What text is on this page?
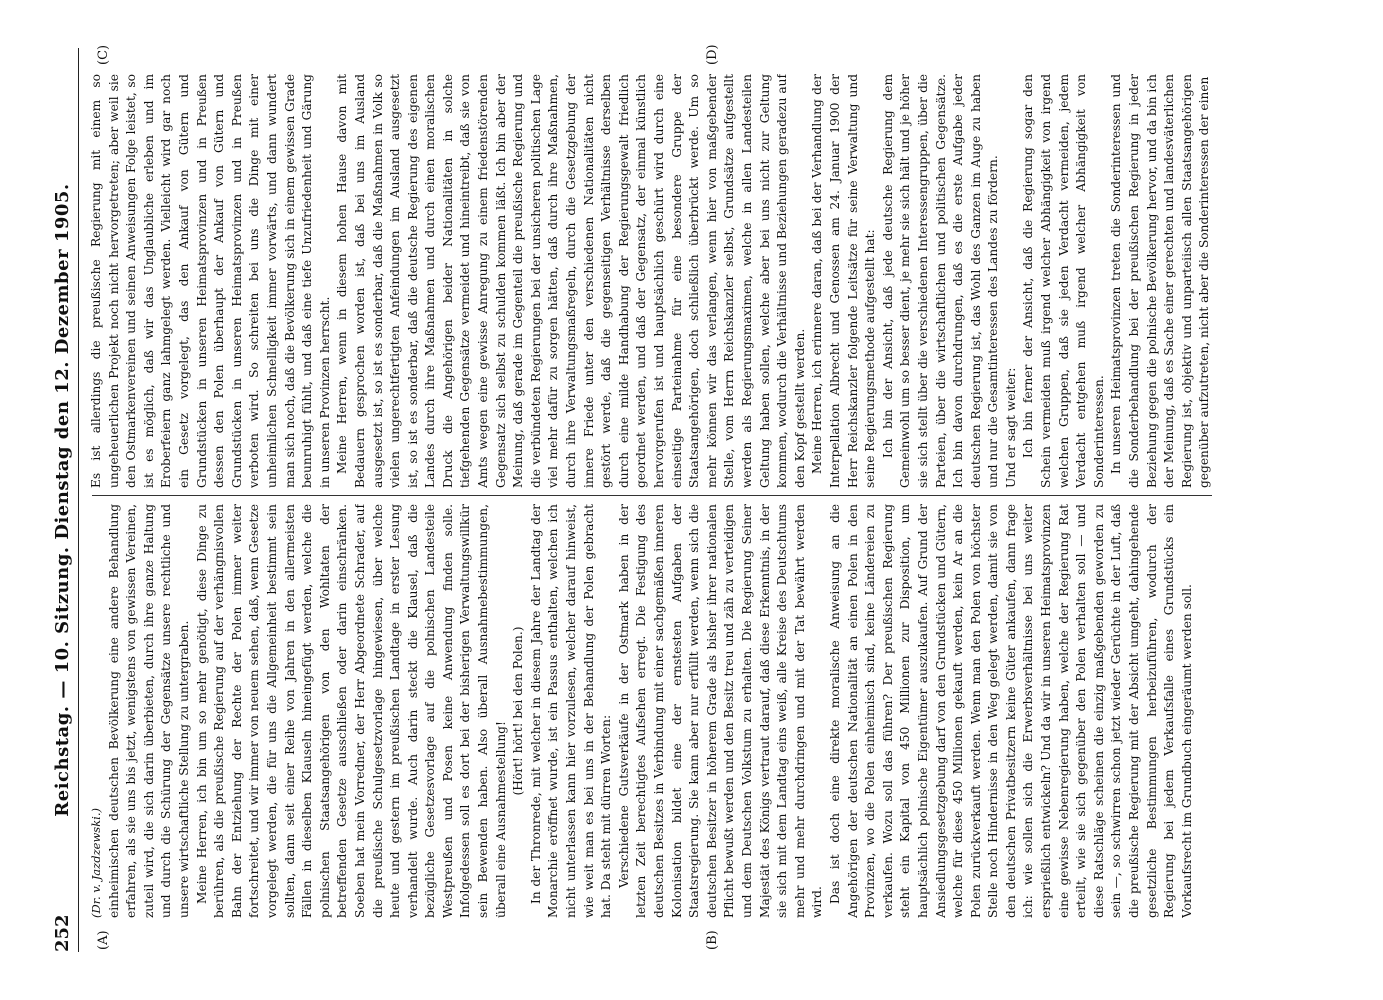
252
Reichstag. — 10. Sitzung. Dienstag den 12. Dezember 1905.
(A)	(B)
(C)	(D)

(Dr. v. Jazdzewski.) einheimischen deutschen Bevölkerung eine andere Behandlung erfahren, als sie uns bis jetzt, wenigstens von gewissen Vereinen, zuteil wird, die sich darin überbieten, durch ihre ganze Haltung und durch die Schürung der Gegensätze unsere rechtliche und unsere wirtschaftliche Stellung zu untergraben. Meine Herren, ich bin um so mehr genötigt, diese Dinge zu berühren, als die preußische Regierung auf der verhängnisvollen Bahn der Entziehung der Rechte der Polen immer weiter fortschreitet, und wir immer von neuem sehen, daß, wenn Gesetze vorgelegt werden, die für uns die Allgemeinheit bestimmt sein sollten, dann seit einer Reihe von Jahren in den allermeisten Fällen in dieselben Klauseln hineingefügt werden, welche die polnischen Staatsangehörigen von den Wohltaten der betreffenden Gesetze ausschließen oder darin einschränken. Soeben hat mein Vorredner, der Herr Abgeordnete Schrader, auf die preußische Schulgesetzvorlage hingewiesen, über welche heute und gestern im preußischen Landtage in erster Lesung verhandelt wurde. Auch darin steckt die Klausel, daß die bezügliche Gesetzesvorlage auf die polnischen Landesteile Westpreußen und Posen keine Anwendung finden solle. Infolgedessen soll es dort bei der bisherigen Verwaltungswillkür sein Bewenden haben. Also überall Ausnahmebestimmungen, überall eine Ausnahmestellung!

(Hört! hört! bei den Polen.) In der Thronrede, mit welcher in diesem Jahre der Landtag der Monarchie eröffnet wurde, ist ein Passus enthalten, welchen ich nicht unterlassen kann hier vorzulesen, welcher darauf hinweist, wie weit man es bei uns in der Behandlung der Polen gebracht hat. Da steht mit dürren Worten: Verschiedene Gutsverkäufe in der Ostmark haben in der letzten Zeit berechtigtes Aufsehen erregt. Die Festigung des deutschen Besitzes in Verbindung mit einer sachgemäßen inneren Kolonisation bildet eine der ernstesten Aufgaben der Staatsregierung. Sie kann aber nur erfüllt werden, wenn sich die deutschen Besitzer in höherem Grade als bisher ihrer nationalen Pflicht bewußt werden und den Besitz treu und zäh zu verteidigen und dem Deutschen Volkstum zu erhalten. Die Regierung Seiner Majestät des Königs vertraut darauf, daß diese Erkenntnis, in der sie sich mit dem Landtag eins weiß, alle Kreise des Deutschtums mehr und mehr durchdringen und mit der Tat bewährt werden wird. Das ist doch eine direkte moralische Anweisung an die Angehörigen der deutschen Nationalität an einen Polen in den Provinzen, wo die Polen einheimisch sind, keine Ländereien zu verkaufen. Wozu soll das führen? Der preußischen Regierung steht ein Kapital von 450 Millionen zur Disposition, um hauptsächlich polnische Eigentümer auszukaufen. Auf Grund der Ansiedlungsgesetzgebung darf von den Grundstücken und Gütern, welche für diese 450 Millionen gekauft werden, kein Ar an die Polen zurückverkauft werden. Wenn man den Polen von höchster Stelle noch Hindernisse in den Weg gelegt werden, damit sie von den deutschen Privatbesitzern keine Güter ankaufen, dann frage ich: wie sollen sich die Erwerbsverhältnisse bei uns weiter ersprießlich entwickeln? Und da wir in unseren Heimatsprovinzen eine gewisse Nebenregierung haben, welche der Regierung Rat erteilt, wie sie sich gegenüber den Polen verhalten soll — und diese Ratschläge scheinen die einzig maßgebenden geworden zu sein —, so schwirren schon jetzt wieder Gerüchte in der Luft, daß die preußische Regierung mit der Absicht umgeht, dahingehende gesetzliche Bestimmungen herbeizuführen, wodurch der Regierung bei jedem Verkaufsfalle eines Grundstücks ein Vorkaufsrecht im Grundbuch eingeräumt werden soll.

Es ist allerdings die preußische Regierung mit einem so ungeheuerlichen Projekt noch nicht hervorgetreten; aber weil sie den Ostmarkenvereinen und seinen Anweisungen Folge leistet, so ist es möglich, daß wir das Unglaubliche erleben und im Eroberfeiern ganz lahmgelegt werden. Vielleicht wird gar noch ein Gesetz vorgelegt, das den Ankauf von Gütern und Grundstücken in unseren Heimatsprovinzen und in Preußen dessen den Polen überhaupt der Ankauf von Gütern und Grundstücken in unseren Heimatsprovinzen und in Preußen verboten wird. So schreiten bei uns die Dinge mit einer unheimlichen Schnelligkeit immer vorwärts, und dann wundert man sich noch, daß die Bevölkerung sich in einem gewissen Grade beunruhigt fühlt, und daß eine tiefe Unzufriedenheit und Gärung in unseren Provinzen herrscht. Meine Herren, wenn in diesem hohen Hause davon mit Bedauern gesprochen worden ist, daß bei uns im Ausland ausgesetzt ist, so ist es sonderbar, daß die Maßnahmen in Volk so vielen ungerechtfertigten Anfeindungen im Ausland ausgesetzt ist, so ist es sonderbar, daß die deutsche Regierung des eigenen Landes durch ihre Maßnahmen und durch einen moralischen Druck die Angehörigen beider Nationalitäten in solche tiefgehenden Gegensätze vermeidet und hineintreibt, daß sie von Amts wegen eine gewisse Anregung zu einem friedenstörenden Gegensatz sich selbst zu schulden kommen läßt. Ich bin aber der Meinung, daß gerade im Gegenteil die preußische Regierung und die verbündeten Regierungen bei der unsicheren politischen Lage viel mehr dafür zu sorgen hätten, daß durch ihre Maßnahmen, durch ihre Verwaltungsmaßregeln, durch die Gesetzgebung der innere Friede unter den verschiedenen Nationalitäten nicht gestört werde, daß die gegenseitigen Verhältnisse derselben durch eine milde Handhabung der Regierungsgewalt friedlich geordnet werden, und daß der Gegensatz, der einmal künstlich hervorgerufen ist und hauptsächlich geschürt wird durch eine einseitige Parteinahme für eine besondere Gruppe der Staatsangehörigen, doch schließlich überbrückt werde. Um so mehr können wir das verlangen, wenn hier von maßgebender Stelle, vom Herrn Reichskanzler selbst, Grundsätze aufgestellt werden als Regierungsmaximen, welche in allen Landesteilen Geltung haben sollen, welche aber bei uns nicht zur Geltung kommen, wodurch die Verhältnisse und Beziehungen geradezu auf den Kopf gestellt werden. Meine Herren, ich erinnere daran, daß bei der Verhandlung der Interpellation Albrecht und Genossen am 24. Januar 1900 der Herr Reichskanzler folgende Leitsätze für seine Verwaltung und seine Regierungsmethode aufgestellt hat: Ich bin der Ansicht, daß jede deutsche Regierung dem Gemeinwohl um so besser dient, je mehr sie sich hält und je höher sie sich stellt über die verschiedenen Interessengruppen, über die Parteien, über die wirtschaftlichen und politischen Gegensätze. Ich bin davon durchdrungen, daß es die erste Aufgabe jeder deutschen Regierung ist, das Wohl des Ganzen im Auge zu haben und nur die Gesamtinteressen des Landes zu fördern. Und er sagt weiter: Ich bin ferner der Ansicht, daß die Regierung sogar den Schein vermeiden muß irgend welcher Abhängigkeit von irgend welchen Gruppen, daß sie jeden Verdacht vermeiden, jedem Verdacht entgehen muß irgend welcher Abhängigkeit von Sonderinteressen. In unseren Heimatsprovinzen treten die Sonderinteressen und die Sonderbehandlung bei der preußischen Regierung in jeder Beziehung gegen die polnische Bevölkerung hervor, und da bin ich der Meinung, daß es Sache einer gerechten und landesväterlichen Regierung ist, objektiv und unparteiisch allen Staatsangehörigen gegenüber aufzutreten, nicht aber die Sonderinteressen der einen
